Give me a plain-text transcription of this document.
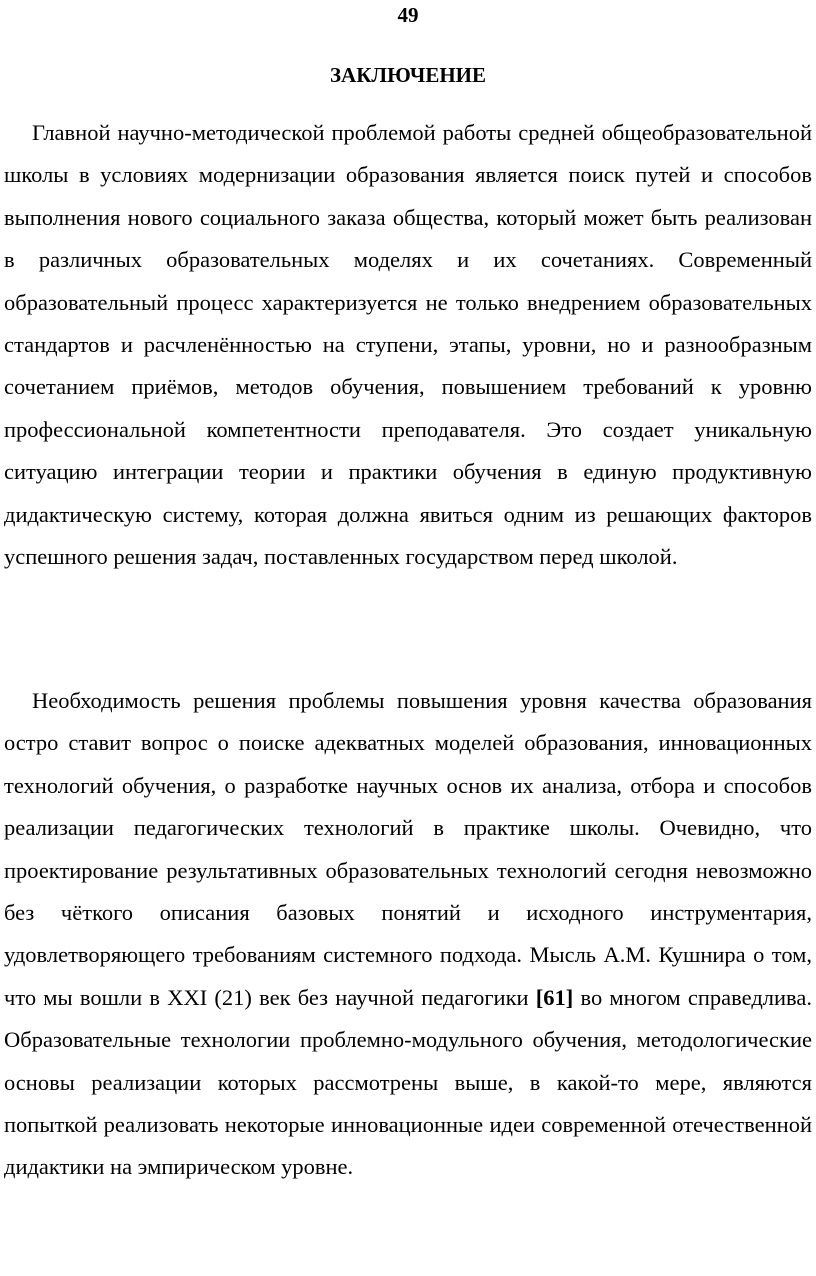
49
ЗАКЛЮЧЕНИЕ

Главной научно-методической проблемой работы средней общеобразовательной школы в условиях модернизации образования является поиск путей и способов выполнения нового социального заказа общества, который может быть реализован в различных образовательных моделях и их сочетаниях. Современный образовательный процесс характеризуется не только внедрением образовательных стандартов и расчленённостью на ступени, этапы, уровни, но и разнообразным сочетанием приёмов, методов обучения, повышением требований к уровню профессиональной компетентности преподавателя. Это создает уникальную ситуацию интеграции теории и практики обучения в единую продуктивную дидактическую систему, которая должна явиться одним из решающих факторов успешного решения задач, поставленных государством перед школой.

Необходимость решения проблемы повышения уровня качества образования остро ставит вопрос о поиске адекватных моделей образования, инновационных технологий обучения, о разработке научных основ их анализа, отбора и способов реализации педагогических технологий в практике школы. Очевидно, что проектирование результативных образовательных технологий сегодня невозможно без чёткого описания базовых понятий и исходного инструментария, удовлетворяющего требованиям системного подхода. Мысль А.М. Кушнира о том, что мы вошли в XXI (21) век без научной педагогики [61] во многом справедлива. Образовательные технологии проблемно-модульного обучения, методологические основы реализации которых рассмотрены выше, в какой-то мере, являются попыткой реализовать некоторые инновационные идеи современной отечественной дидактики на эмпирическом уровне.
